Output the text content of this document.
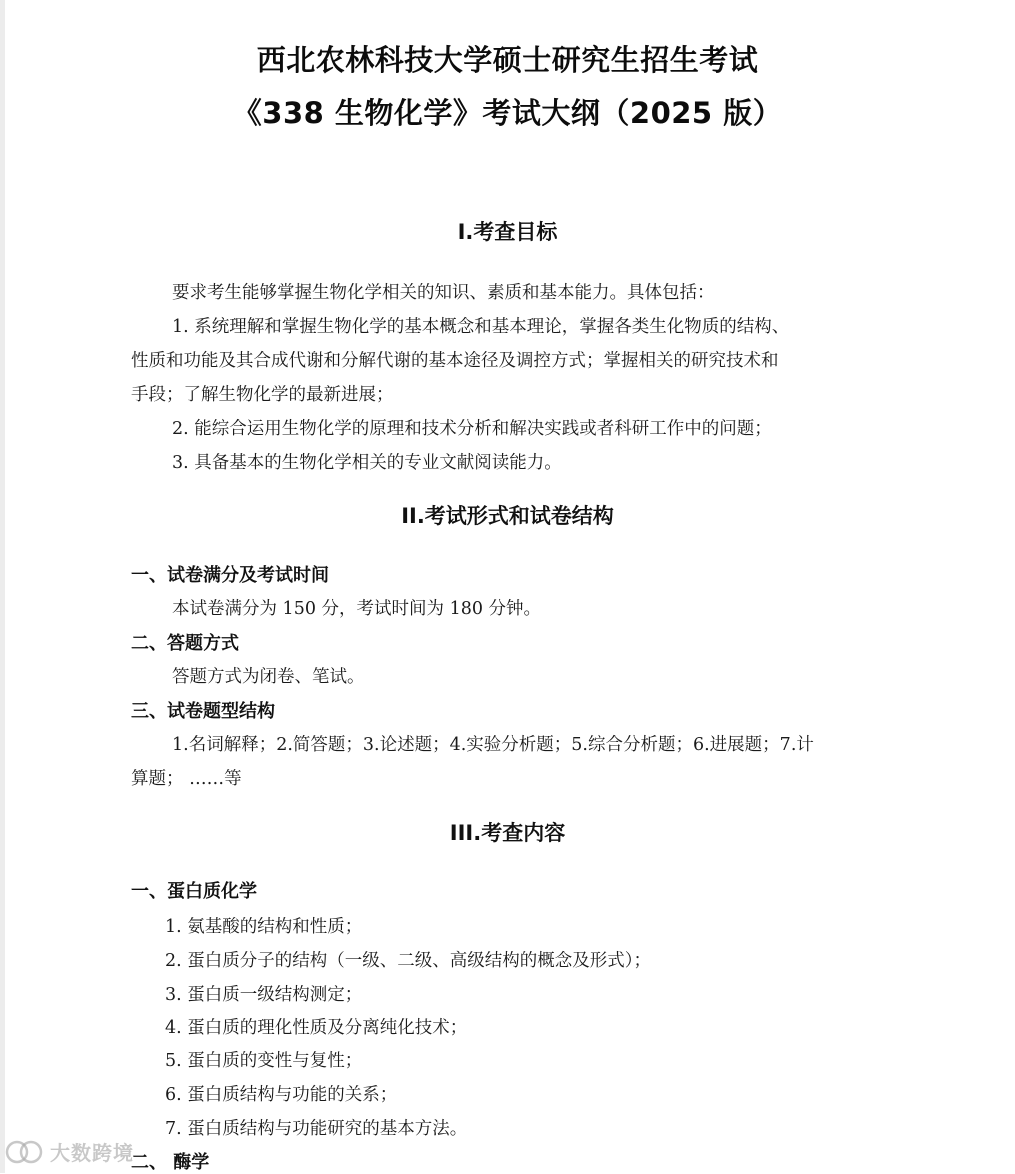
西北农林科技大学硕士研究生招生考试
《338 生物化学》考试大纲（2025 版）
I.考查目标
要求考生能够掌握生物化学相关的知识、素质和基本能力。具体包括：
1. 系统理解和掌握生物化学的基本概念和基本理论，掌握各类生化物质的结构、
性质和功能及其合成代谢和分解代谢的基本途径及调控方式；掌握相关的研究技术和
手段；了解生物化学的最新进展；
2. 能综合运用生物化学的原理和技术分析和解决实践或者科研工作中的问题；
3. 具备基本的生物化学相关的专业文献阅读能力。
II.考试形式和试卷结构
一、试卷满分及考试时间
本试卷满分为 150 分，考试时间为 180 分钟。
二、答题方式
答题方式为闭卷、笔试。
三、试卷题型结构
1.名词解释；2.简答题；3.论述题；4.实验分析题；5.综合分析题；6.进展题；7.计
算题； ……等
III.考查内容
一、蛋白质化学
1. 氨基酸的结构和性质；
2. 蛋白质分子的结构（一级、二级、高级结构的概念及形式）；
3. 蛋白质一级结构测定；
4. 蛋白质的理化性质及分离纯化技术；
5. 蛋白质的变性与复性；
6. 蛋白质结构与功能的关系；
7. 蛋白质结构与功能研究的基本方法。
二、 酶学
大数跨境
